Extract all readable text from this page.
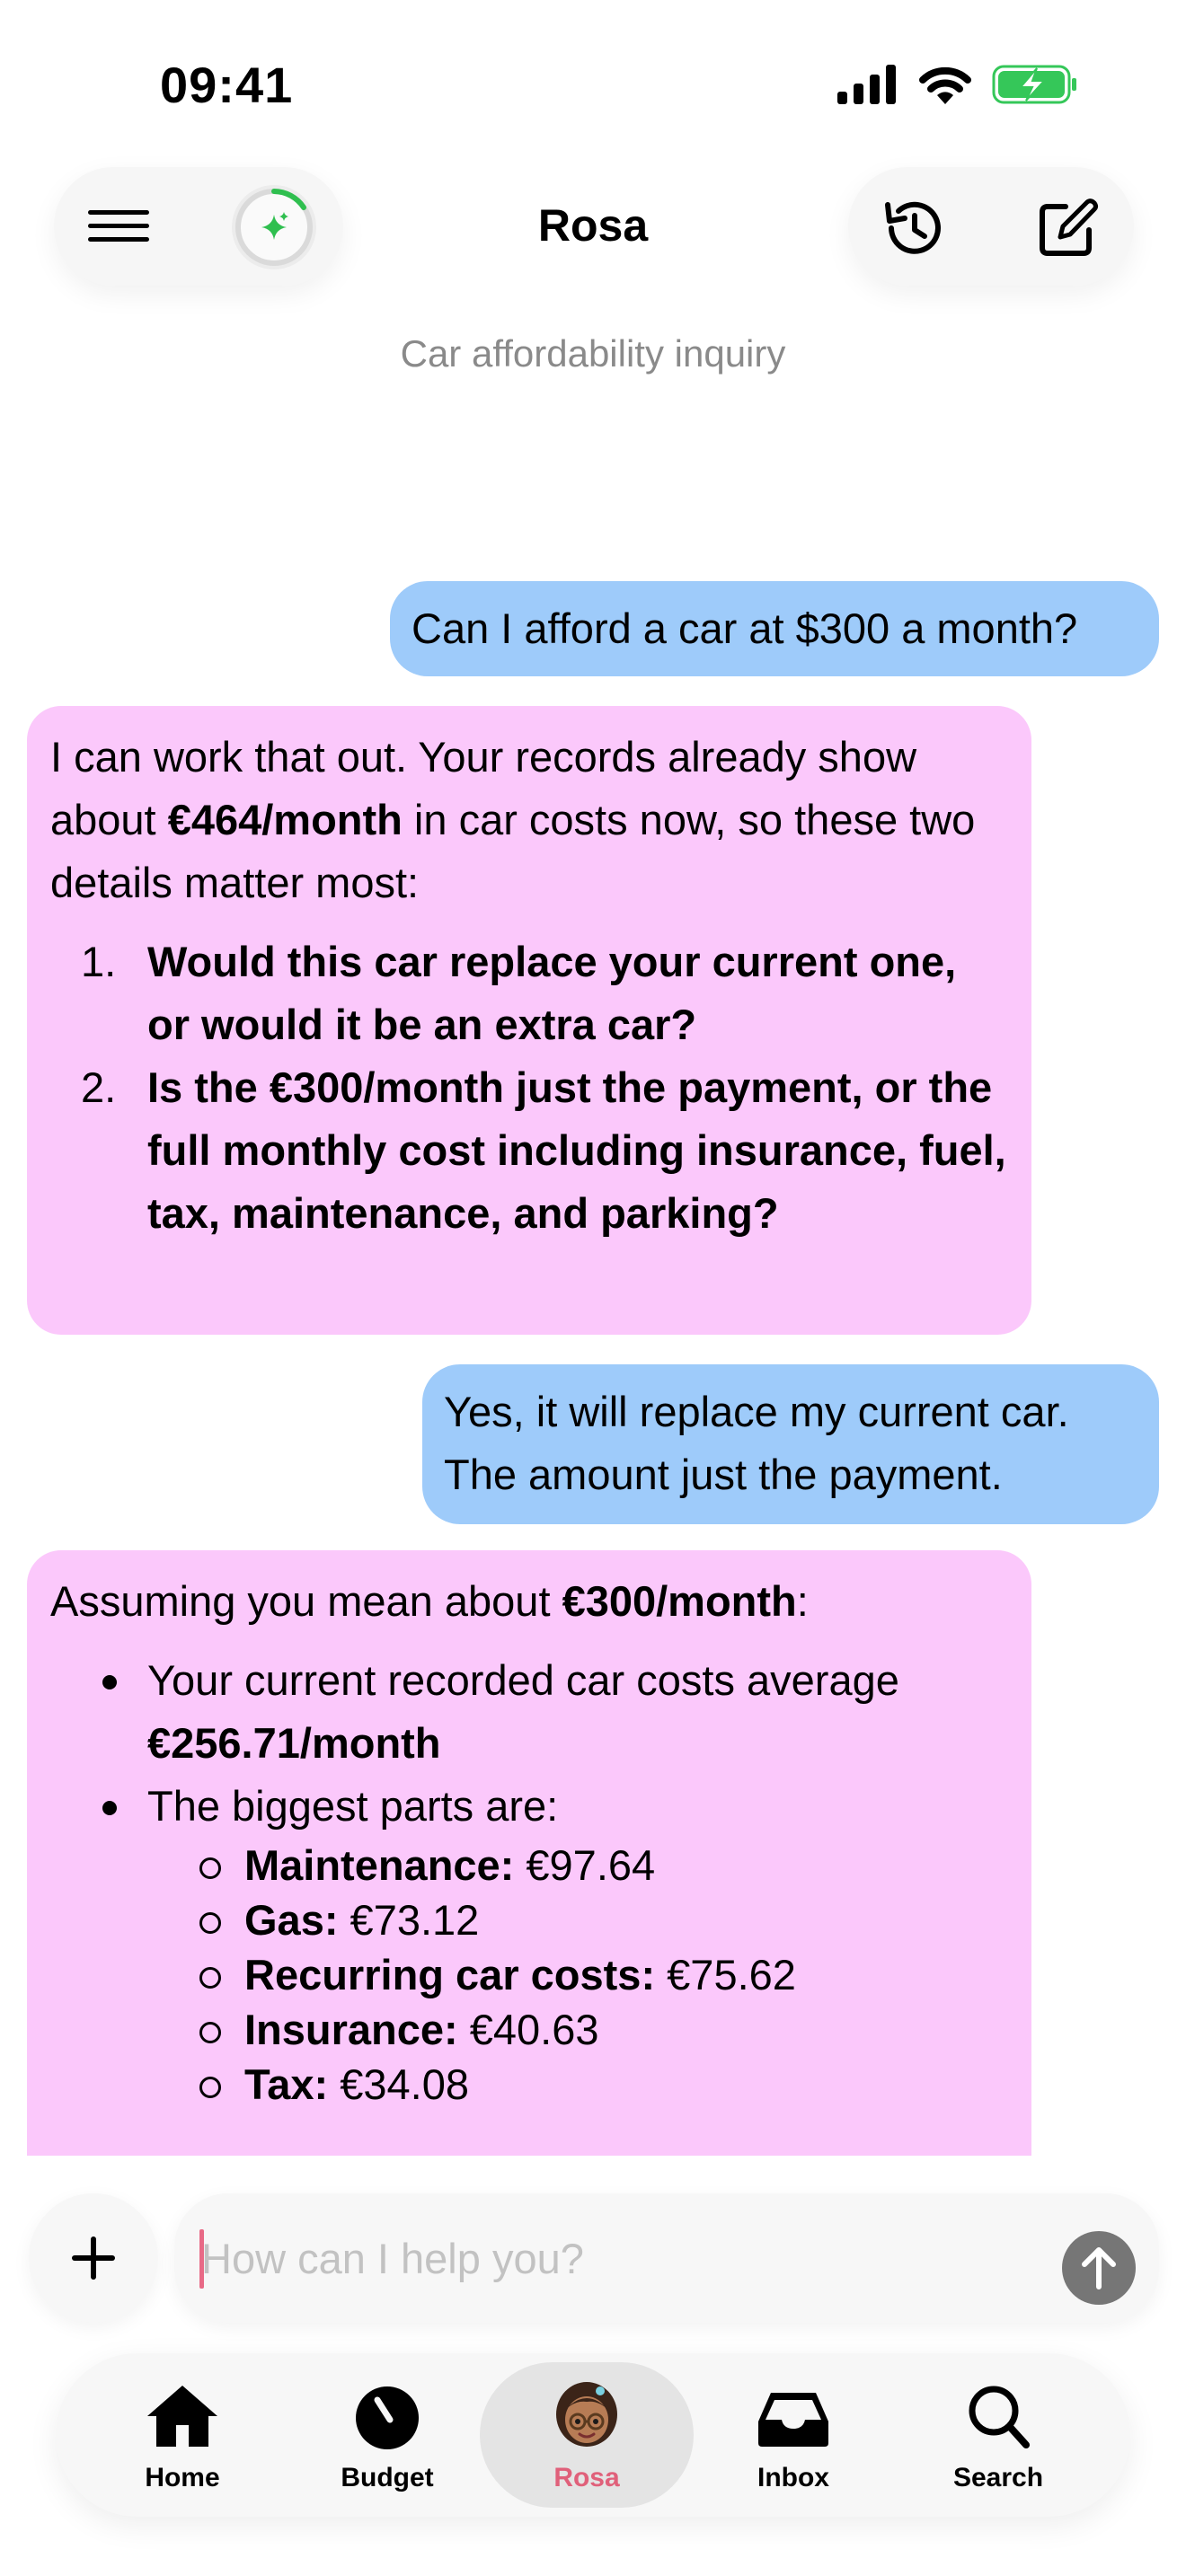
09:41
Rosa
Car affordability inquiry
Can I afford a car at $300 a month?
I can work that out. Your records already show about €464/month in car costs now, so these two details matter most:
1. Would this car replace your current one, or would it be an extra car?
2. Is the €300/month just the payment, or the full monthly cost including insurance, fuel, tax, maintenance, and parking?
Yes, it will replace my current car.
The amount just the payment.
Assuming you mean about €300/month:
Your current recorded car costs average €256.71/month
The biggest parts are:
Maintenance: €97.64
Gas: €73.12
Recurring car costs: €75.62
Insurance: €40.63
Tax: €34.08
How can I help you?
Home	Budget	Rosa	Inbox	Search
